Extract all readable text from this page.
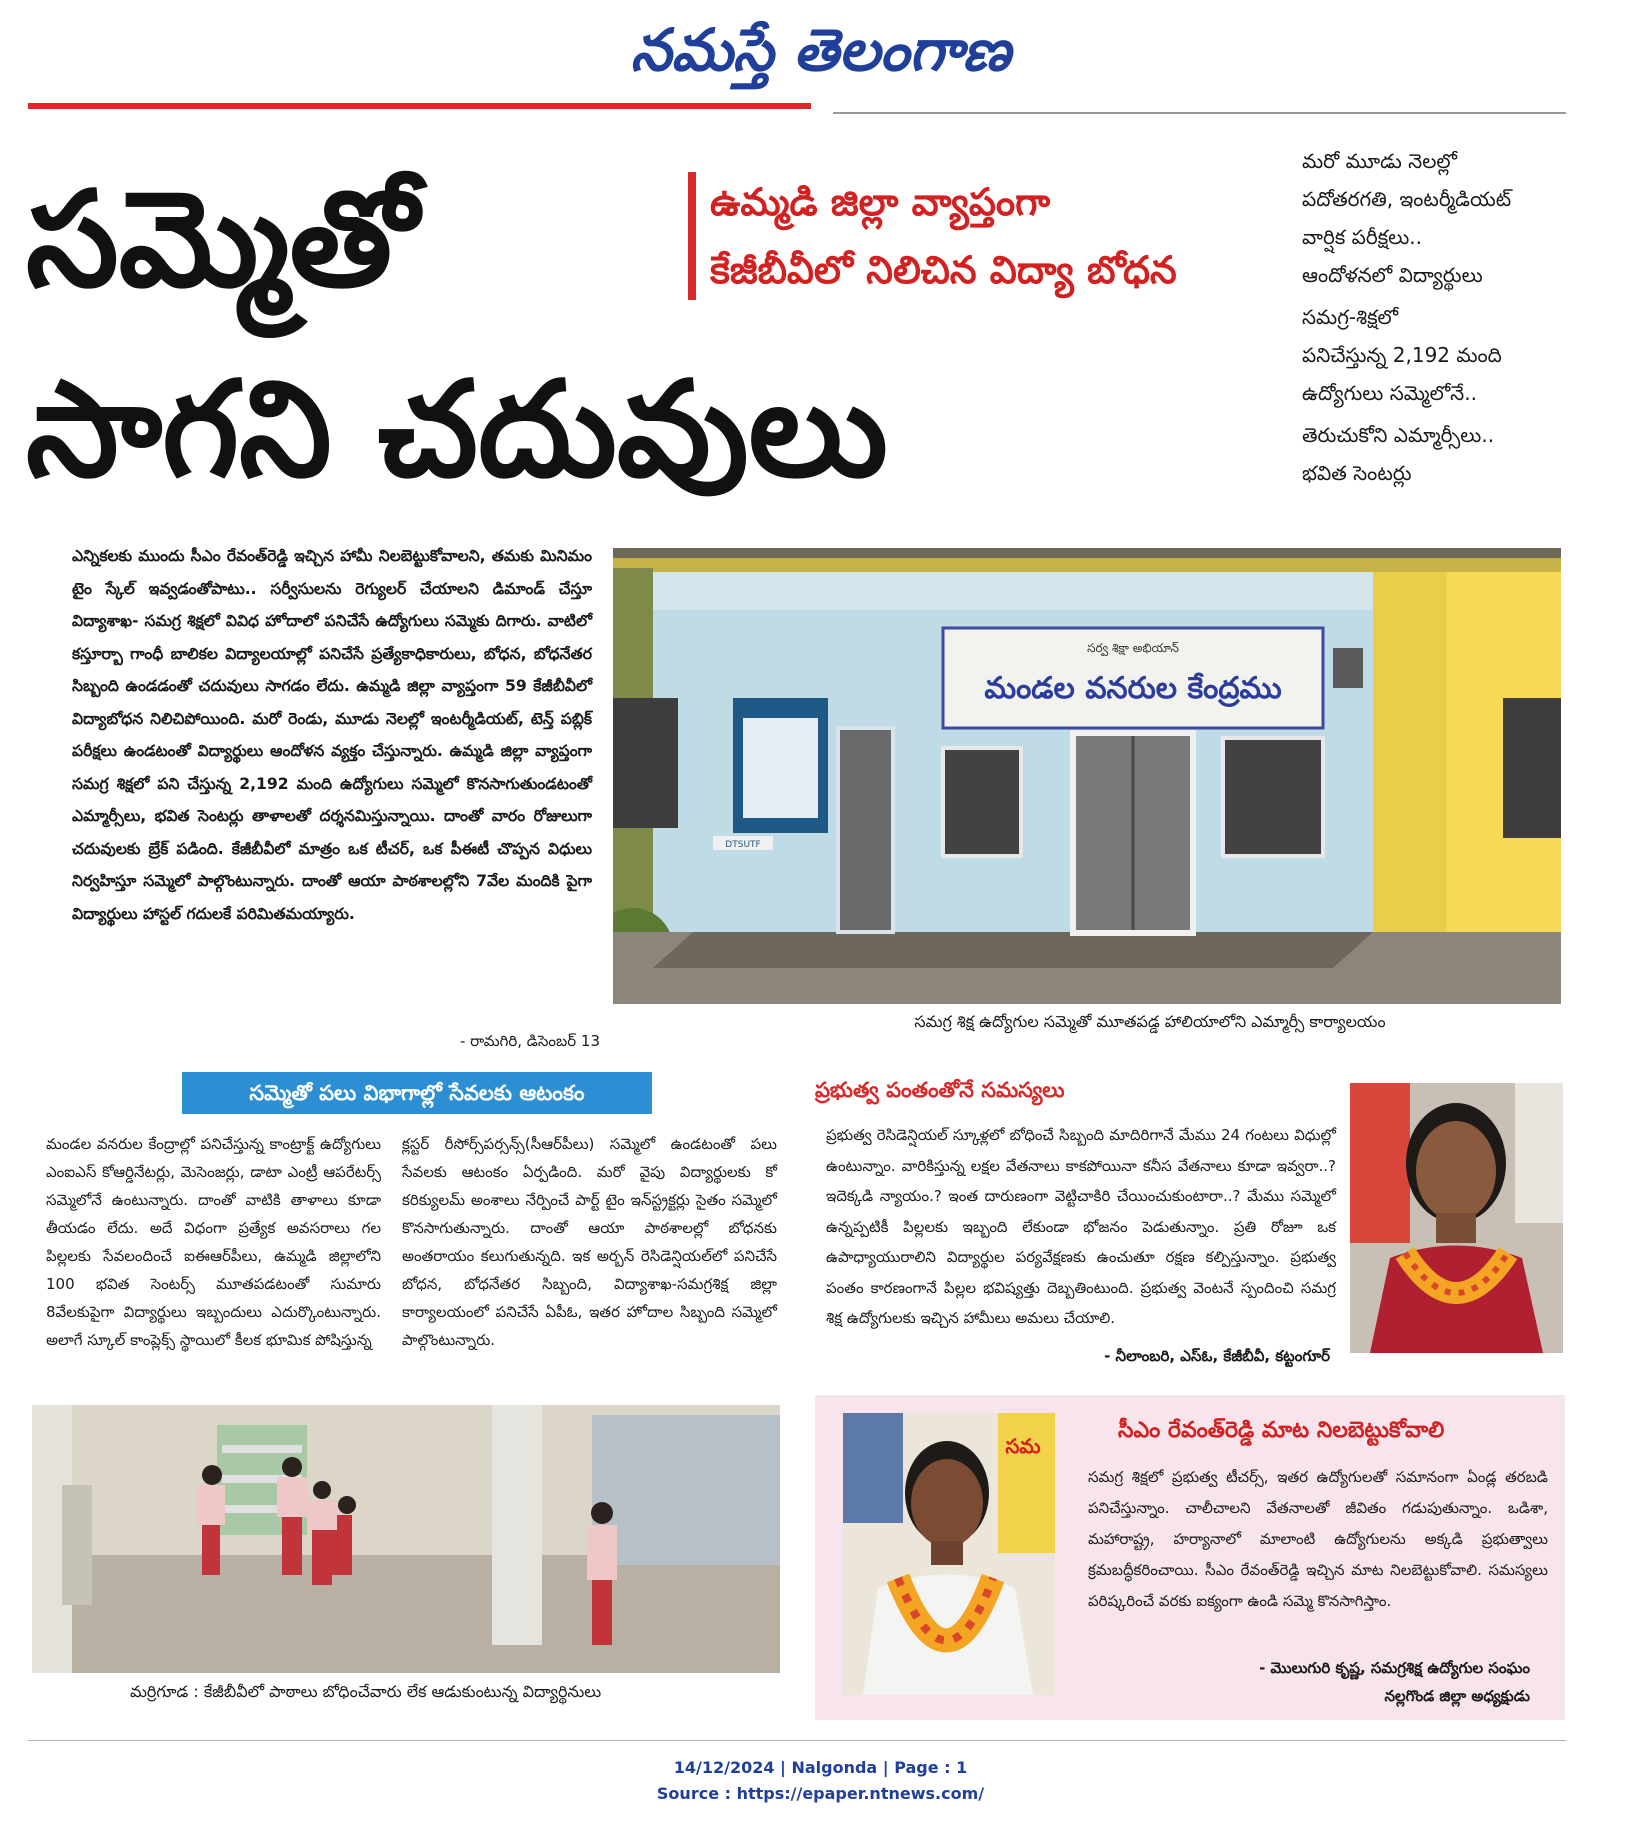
నమస్తే తెలంగాణ
సమ్మెతో
సాగని చదువులు
ఉమ్మడి జిల్లా వ్యాప్తంగా
కేజీబీవీలో నిలిచిన విద్యా బోధన
మరో మూడు నెలల్లో
పదోతరగతి, ఇంటర్మీడియట్
వార్షిక పరీక్షలు..
ఆందోళనలో విద్యార్థులు
సమగ్ర-శిక్షలో
పనిచేస్తున్న 2,192 మంది
ఉద్యోగులు సమ్మెలోనే..
తెరుచుకోని ఎమ్మార్సీలు..
భవిత సెంటర్లు
ఎన్నికలకు ముందు సీఎం రేవంత్‌రెడ్డి ఇచ్చిన హామీ నిలబెట్టుకోవాలని, తమకు మినిమం టైం స్కేల్ ఇవ్వడంతోపాటు.. సర్వీసులను రెగ్యులర్ చేయాలని డిమాండ్ చేస్తూ విద్యాశాఖ- సమగ్ర శిక్షలో వివిధ హోదాలో పనిచేసే ఉద్యోగులు సమ్మెకు దిగారు. వాటిలో కస్తూర్బా గాంధీ బాలికల విద్యాలయాల్లో పనిచేసే ప్రత్యేకాధికారులు, బోధన, బోధనేతర సిబ్బంది ఉండడంతో చదువులు సాగడం లేదు. ఉమ్మడి జిల్లా వ్యాప్తంగా 59 కేజీబీవీలో విద్యాబోధన నిలిచిపోయింది. మరో రెండు, మూడు నెలల్లో ఇంటర్మీడియట్, టెన్త్ పబ్లిక్ పరీక్షలు ఉండటంతో విద్యార్థులు ఆందోళన వ్యక్తం చేస్తున్నారు. ఉమ్మడి జిల్లా వ్యాప్తంగా సమగ్ర శిక్షలో పని చేస్తున్న 2,192 మంది ఉద్యోగులు సమ్మెలో కొనసాగుతుండటంతో ఎమ్మార్సీలు, భవిత సెంటర్లు తాళాలతో దర్శనమిస్తున్నాయి. దాంతో వారం రోజులుగా చదువులకు బ్రేక్ పడింది. కేజీబీవీలో మాత్రం ఒక టీచర్, ఒక పీఈటీ చొప్పన విధులు నిర్వహిస్తూ సమ్మెలో పాల్గొంటున్నారు. దాంతో ఆయా పాఠశాలల్లోని 7వేల మందికి పైగా విద్యార్థులు హాస్టల్ గదులకే పరిమితమయ్యారు.
- రామగిరి, డిసెంబర్ 13
సర్వ శిక్షా అభియాన్
మండల వనరుల కేంద్రము
DTSUTF
సమగ్ర శిక్ష ఉద్యోగుల సమ్మెతో మూతపడ్డ హాలియాలోని ఎమ్మార్సీ కార్యాలయం
సమ్మెతో పలు విభాగాల్లో సేవలకు ఆటంకం
మండల వనరుల కేంద్రాల్లో పనిచేస్తున్న కాంట్రాక్ట్ ఉద్యోగులు ఎంఐఎస్ కోఆర్డినేటర్లు, మెసెంజర్లు, డాటా ఎంట్రీ ఆపరేటర్స్ సమ్మెలోనే ఉంటున్నారు. దాంతో వాటికి తాళాలు కూడా తీయడం లేదు. అదే విధంగా ప్రత్యేక అవసరాలు గల పిల్లలకు సేవలందించే ఐఈఆర్‌పీలు, ఉమ్మడి జిల్లాలోని 100 భవిత సెంటర్స్ మూతపడటంతో సుమారు 8వేలకుపైగా విద్యార్థులు ఇబ్బందులు ఎదుర్కొంటున్నారు. అలాగే స్కూల్ కాంప్లెక్స్ స్థాయిలో కీలక భూమిక పోషిస్తున్న
క్లస్టర్ రీసోర్స్‌పర్సన్స్(సీఆర్‌పీలు) సమ్మెలో ఉండటంతో పలు సేవలకు ఆటంకం ఏర్పడింది. మరో వైపు విద్యార్థులకు కో కరిక్యులమ్ అంశాలు నేర్పించే పార్ట్ టైం ఇన్‌స్ట్రక్టర్లు సైతం సమ్మెలో కొనసాగుతున్నారు. దాంతో ఆయా పాఠశాలల్లో బోధనకు అంతరాయం కలుగుతున్నది. ఇక అర్బన్ రెసిడెన్షియల్‌లో పనిచేసే బోధన, బోధనేతర సిబ్బంది, విద్యాశాఖ-సమగ్రశిక్ష జిల్లా కార్యాలయంలో పనిచేసే ఏపీఓ, ఇతర హోదాల సిబ్బంది సమ్మెలో పాల్గొంటున్నారు.
ప్రభుత్వ పంతంతోనే సమస్యలు
ప్రభుత్వ రెసిడెన్షియల్ స్కూళ్లలో బోధించే సిబ్బంది మాదిరిగానే మేము 24 గంటలు విధుల్లో ఉంటున్నాం. వారికిస్తున్న లక్షల వేతనాలు కాకపోయినా కనీస వేతనాలు కూడా ఇవ్వరా..? ఇదెక్కడి న్యాయం.? ఇంత దారుణంగా వెట్టిచాకిరి చేయించుకుంటారా..? మేము సమ్మెలో ఉన్నప్పటికీ పిల్లలకు ఇబ్బంది లేకుండా భోజనం పెడుతున్నాం. ప్రతి రోజూ ఒక ఉపాధ్యాయురాలిని విద్యార్థుల పర్యవేక్షణకు ఉంచుతూ రక్షణ కల్పిస్తున్నాం. ప్రభుత్వ పంతం కారణంగానే పిల్లల భవిష్యత్తు దెబ్బతింటుంది. ప్రభుత్వ వెంటనే స్పందించి సమగ్ర శిక్ష ఉద్యోగులకు ఇచ్చిన హామీలు అమలు చేయాలి.
- నీలాంబరి, ఎస్ఓ, కేజీబీవీ, కట్టంగూర్
మర్రిగూడ : కేజీబీవీలో పాఠాలు బోధించేవారు లేక ఆడుకుంటున్న విద్యార్థినులు
సమ
సీఎం రేవంత్‌రెడ్డి మాట నిలబెట్టుకోవాలి
సమగ్ర శిక్షలో ప్రభుత్వ టీచర్స్, ఇతర ఉద్యోగులతో సమానంగా ఏండ్ల తరబడి పనిచేస్తున్నాం. చాలీచాలని వేతనాలతో జీవితం గడుపుతున్నాం. ఒడిశా, మహారాష్ట్ర, హర్యానాలో మాలాంటి ఉద్యోగులను అక్కడి ప్రభుత్వాలు క్రమబద్ధీకరించాయి. సీఎం రేవంత్‌రెడ్డి ఇచ్చిన మాట నిలబెట్టుకోవాలి. సమస్యలు పరిష్కరించే వరకు ఐక్యంగా ఉండి సమ్మె కొనసాగిస్తాం.
- మొలుగురి కృష్ణ, సమగ్రశిక్ష ఉద్యోగుల సంఘం
నల్లగొండ జిల్లా అధ్యక్షుడు
14/12/2024 | Nalgonda | Page : 1
Source : https://epaper.ntnews.com/
